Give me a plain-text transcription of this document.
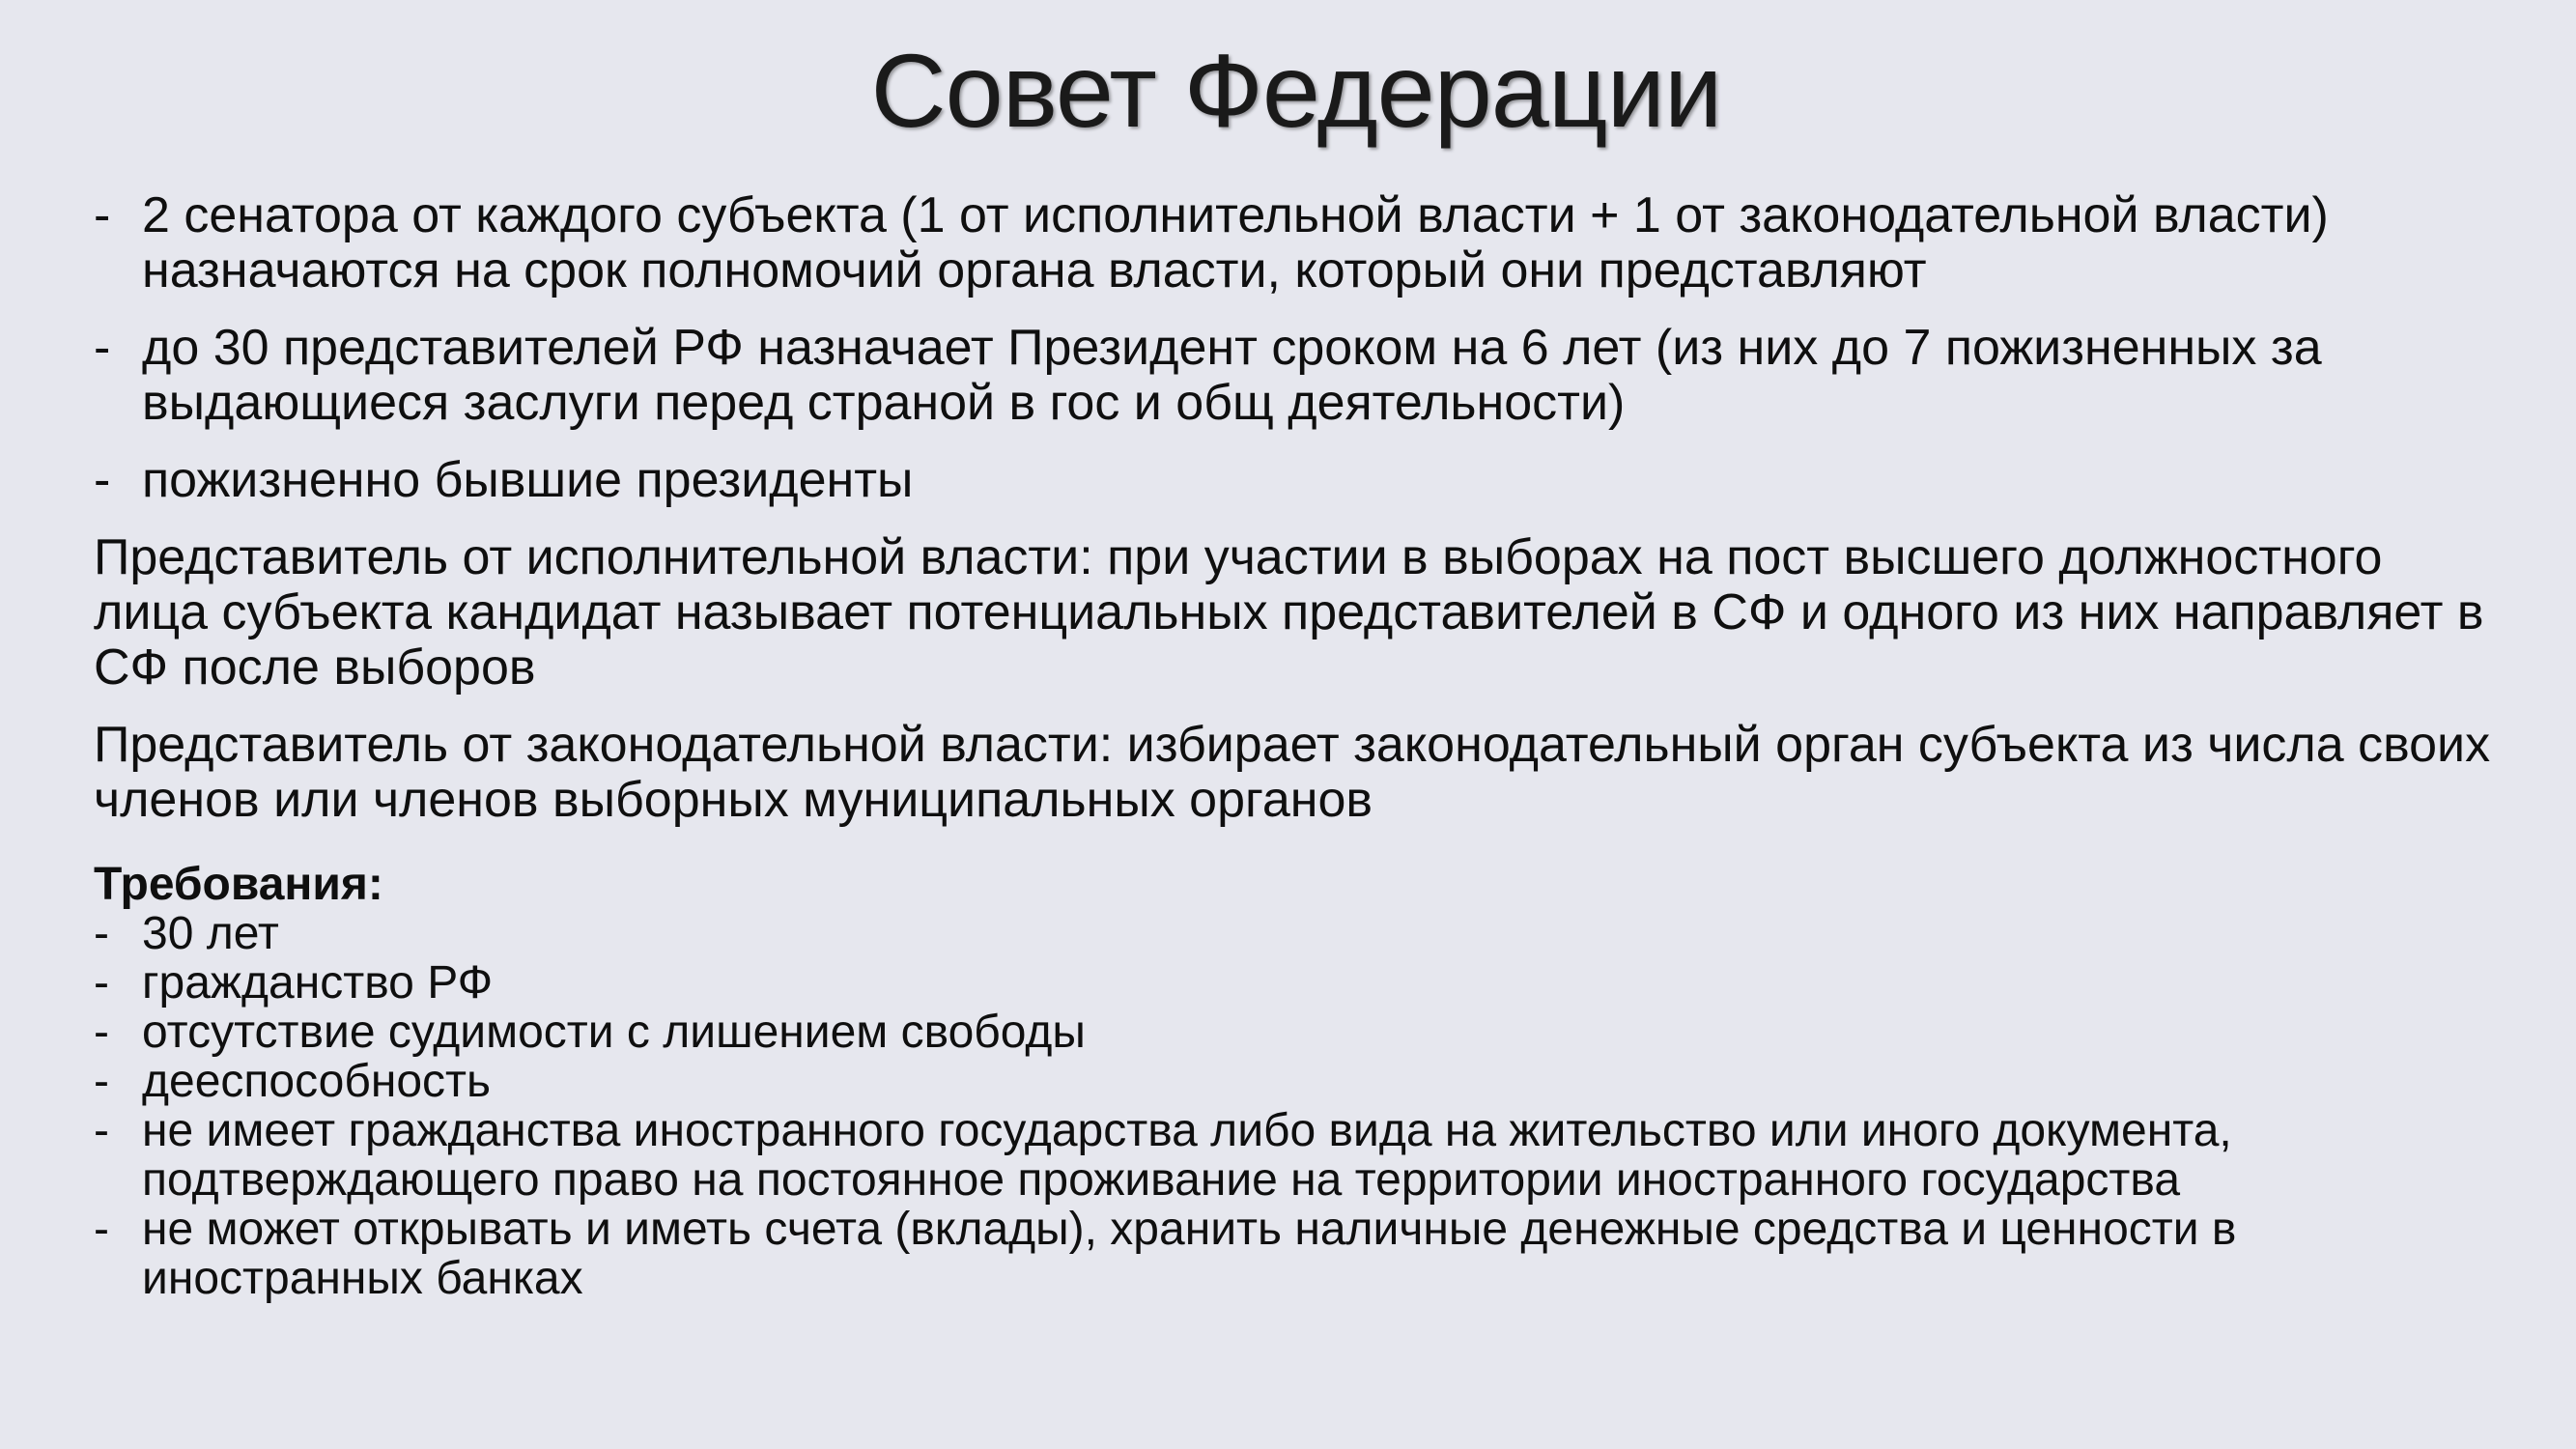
Совет Федерации
- 2 сенатора от каждого субъекта (1 от исполнительной власти + 1 от законодательной власти) назначаются на срок полномочий органа власти, который они представляют
- до 30 представителей РФ назначает Президент сроком на 6 лет (из них до 7 пожизненных за выдающиеся заслуги перед страной в гос и общ деятельности)
- пожизненно бывшие президенты
Представитель от исполнительной власти: при участии в выборах на пост высшего должностного лица субъекта кандидат называет потенциальных представителей в СФ и одного из них направляет в СФ после выборов
Представитель от законодательной власти: избирает законодательный орган субъекта из числа своих членов или членов выборных муниципальных органов
Требования:
- 30 лет
- гражданство РФ
- отсутствие судимости с лишением свободы
- дееспособность
- не имеет гражданства иностранного государства либо вида на жительство или иного документа, подтверждающего право на постоянное проживание на территории иностранного государства
- не может открывать и иметь счета (вклады), хранить наличные денежные средства и ценности в иностранных банках
